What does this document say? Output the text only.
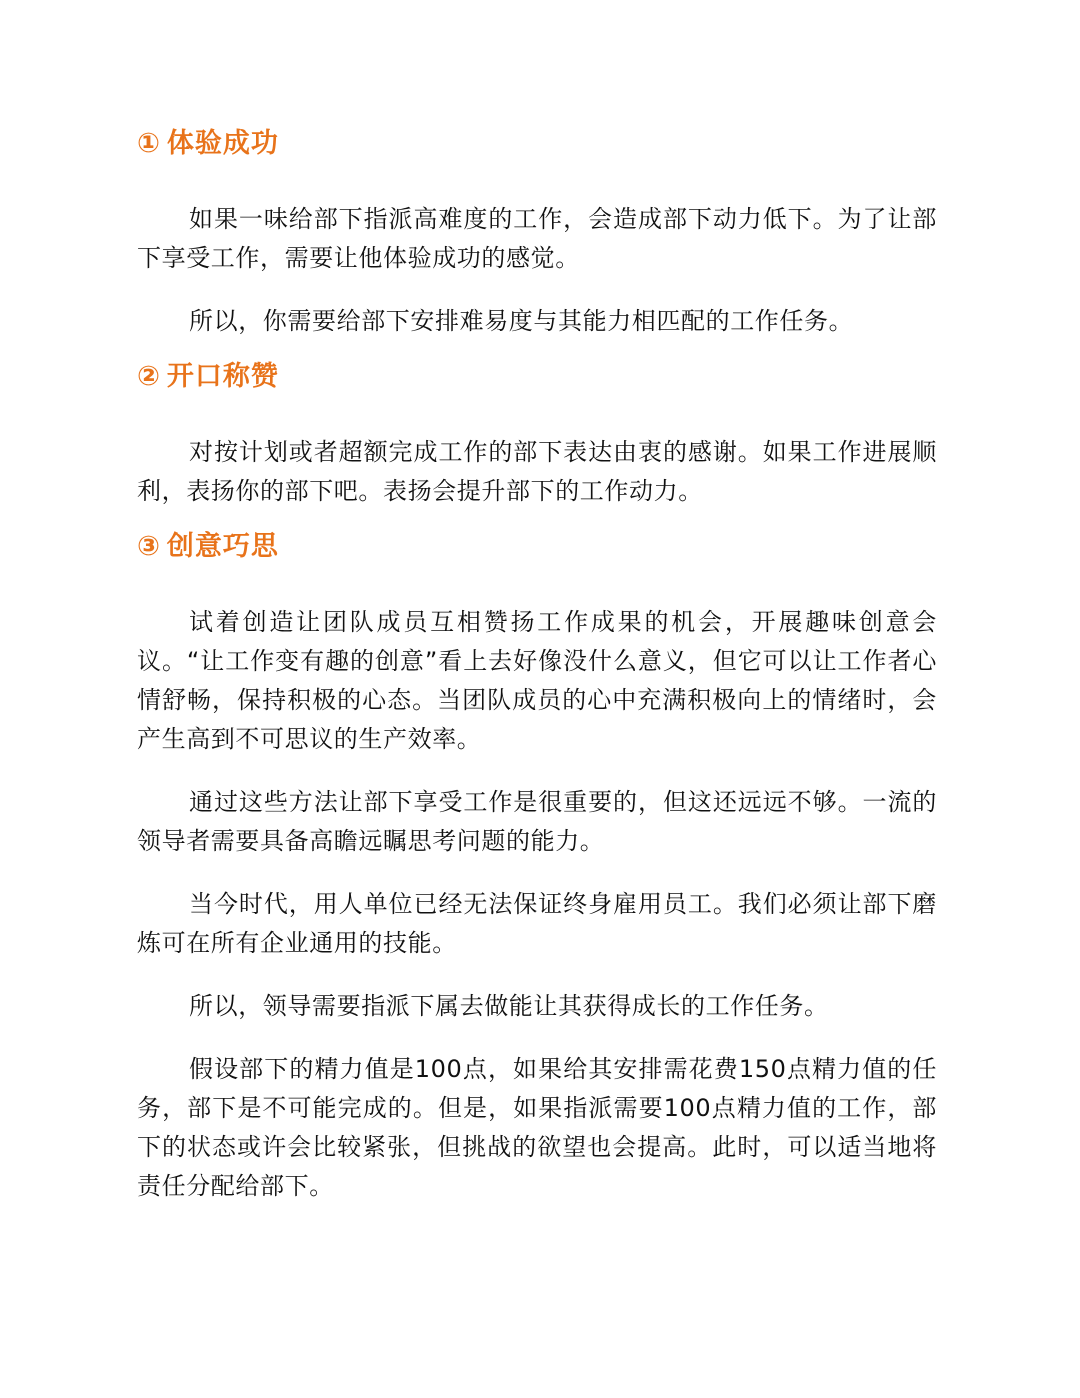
① 体验成功

如果一味给部下指派高难度的工作，会造成部下动力低下。为了让部下享受工作，需要让他体验成功的感觉。

所以，你需要给部下安排难易度与其能力相匹配的工作任务。

② 开口称赞

对按计划或者超额完成工作的部下表达由衷的感谢。如果工作进展顺利，表扬你的部下吧。表扬会提升部下的工作动力。

③ 创意巧思

试着创造让团队成员互相赞扬工作成果的机会，开展趣味创意会议。“让工作变有趣的创意”看上去好像没什么意义，但它可以让工作者心情舒畅，保持积极的心态。当团队成员的心中充满积极向上的情绪时，会产生高到不可思议的生产效率。

通过这些方法让部下享受工作是很重要的，但这还远远不够。一流的领导者需要具备高瞻远瞩思考问题的能力。

当今时代，用人单位已经无法保证终身雇用员工。我们必须让部下磨炼可在所有企业通用的技能。

所以，领导需要指派下属去做能让其获得成长的工作任务。

假设部下的精力值是100点，如果给其安排需花费150点精力值的任务，部下是不可能完成的。但是，如果指派需要100点精力值的工作，部下的状态或许会比较紧张，但挑战的欲望也会提高。此时，可以适当地将责任分配给部下。
